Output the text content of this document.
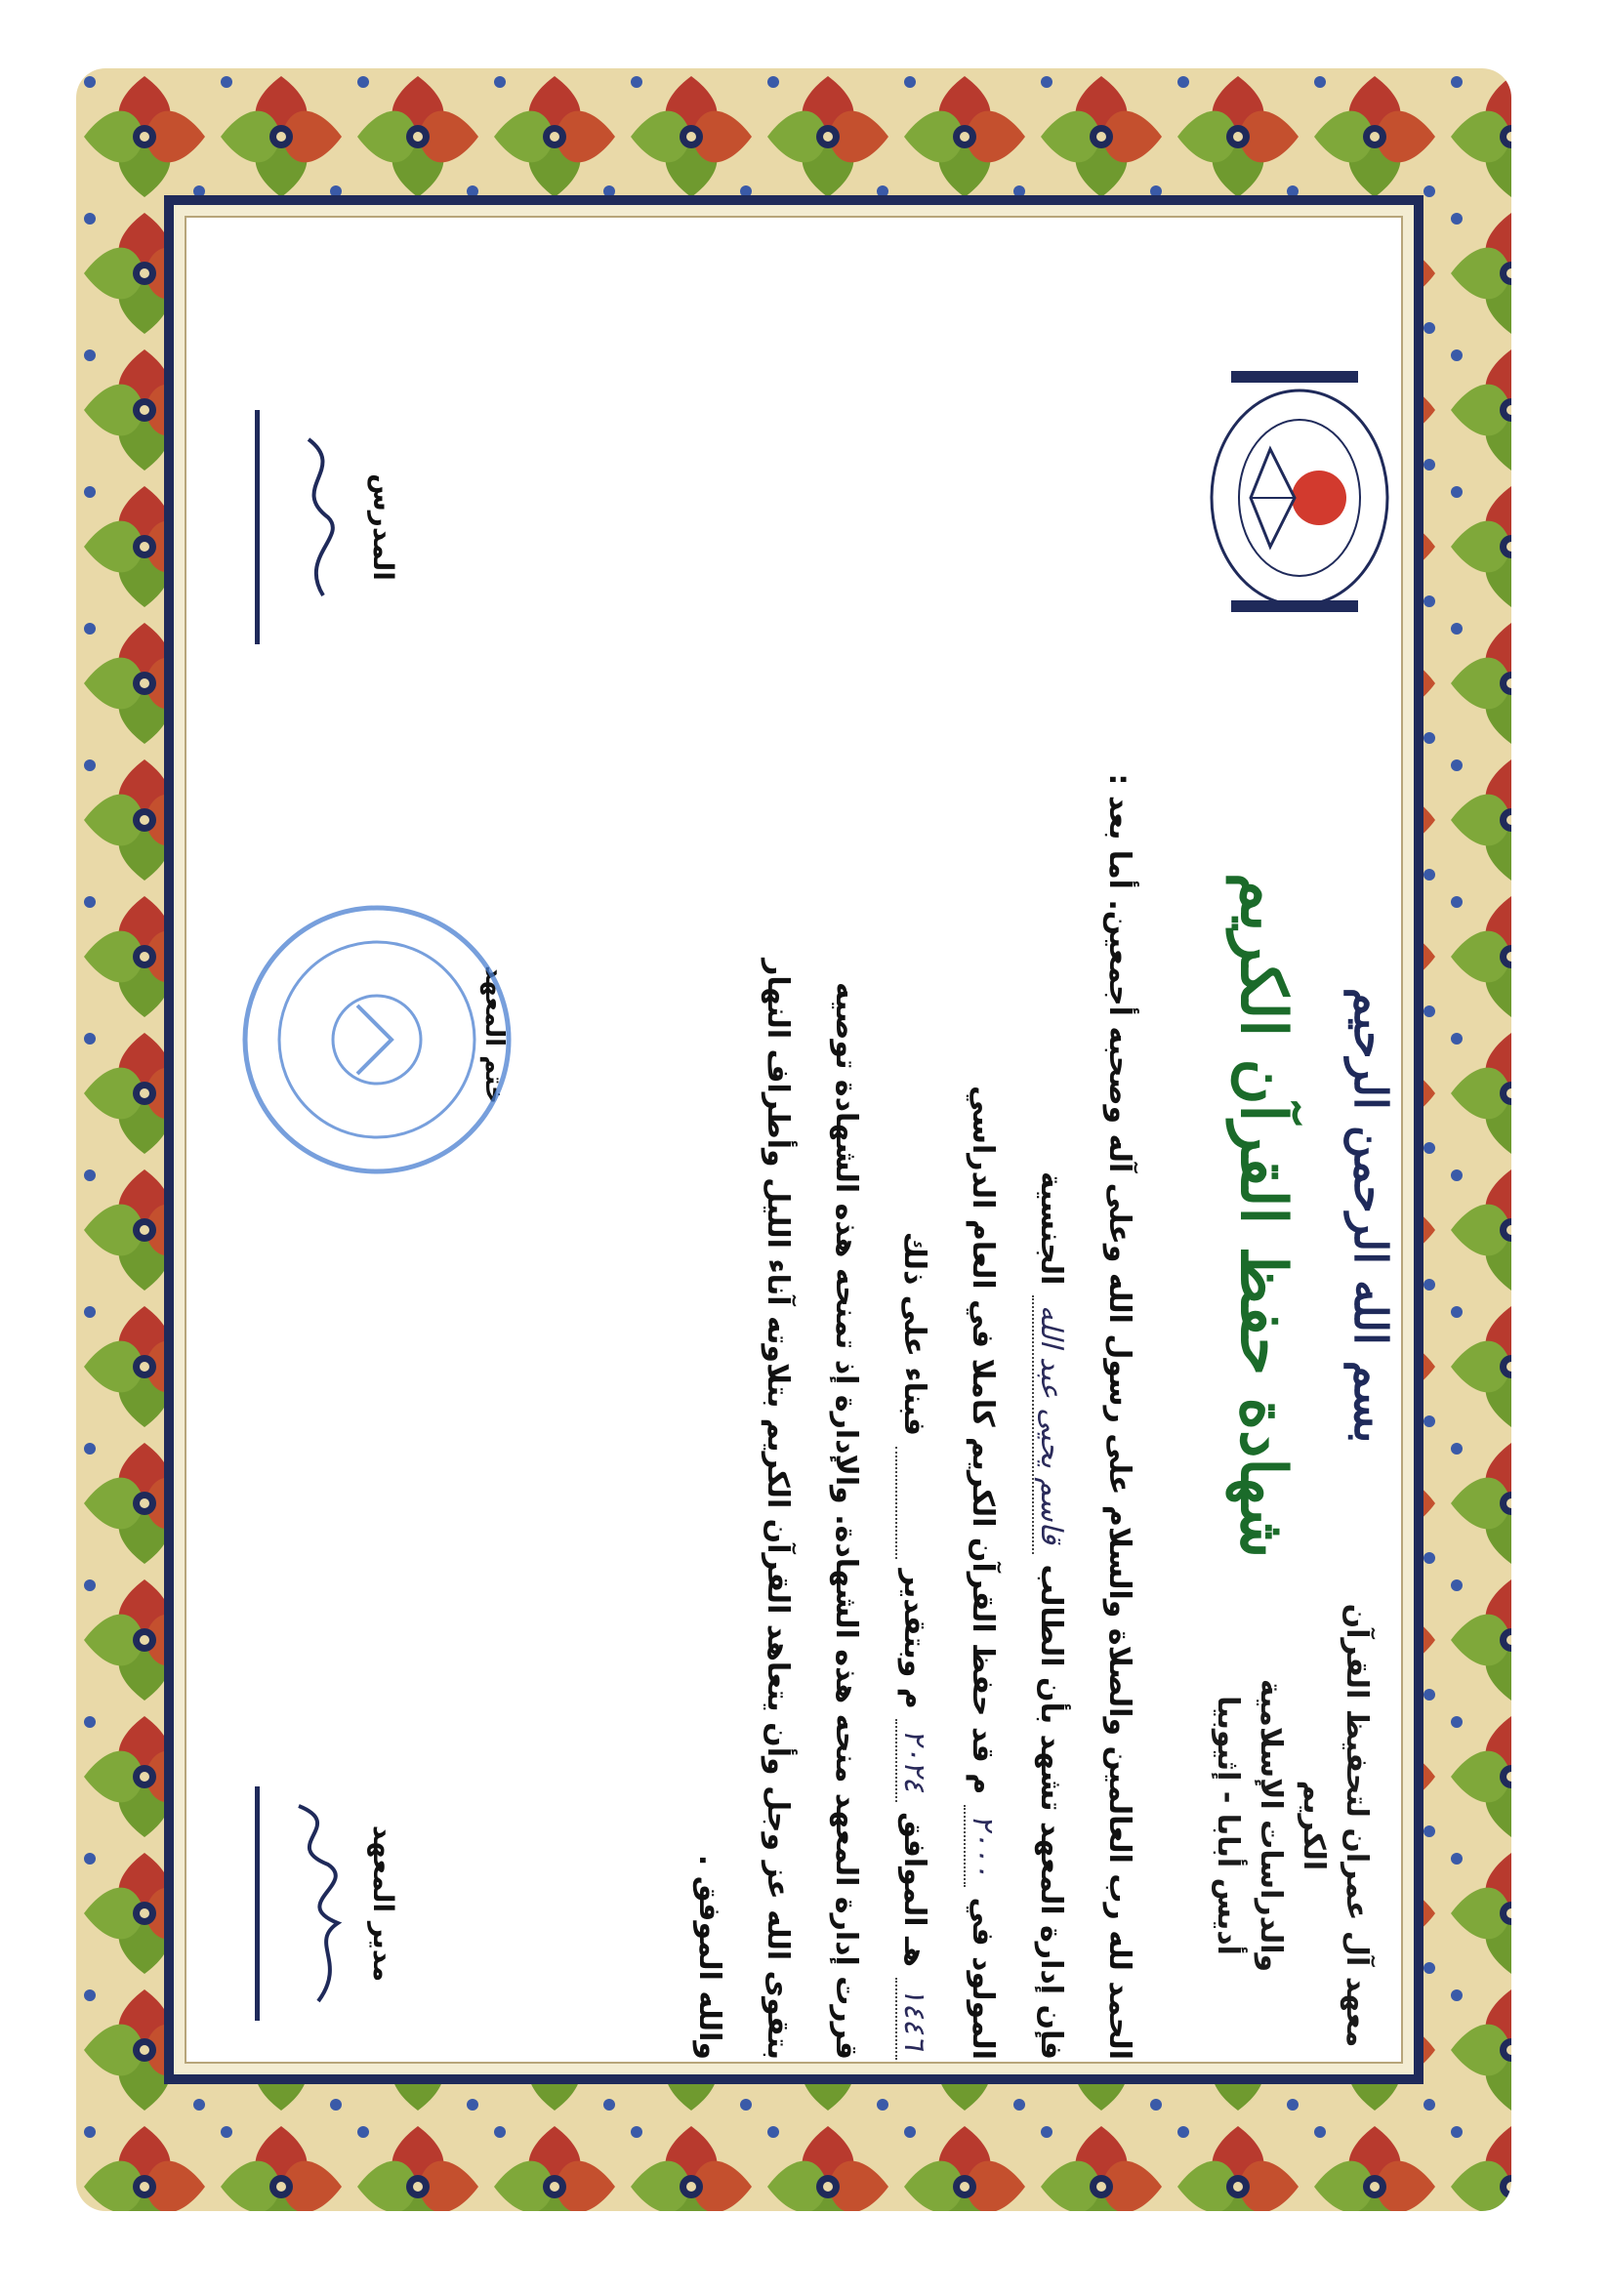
معهد آل عمران لتحفيظ القرآن الكريم
والدراسات الإسلامية
أديس أبابا - إثيوبيا
بسم الله الرحمن الرحيم
شهادة حفظ القرآن الكريم

الحمد لله رب العالمين والصلاة والسلام على رسول الله وعلى آله وصحبه أجمعين. أما بعد :

فإن إدارة المعهد تشهد بأن الطالب قاسم يحيى عبد الله الجنسية

المولود في ٢٠٠٠ م قد حفظ القرآن الكريم كاملا في العام الدراسي

١٤٤٦ هـ الموافق ٢٠٢٤ م وبتقدير            فبناء على ذلك

قررت إدارة المعهد منحه هذه الشهادة. والإدارة إذ تمنحه هذه الشهادة توصيه

بتقوى الله عز وجل وأن يتعاهد القرآن الكريم بتلاوته آناء الليل وأطراف النهار

والله الموفق .

مدير المعهد
ختم المعهد
المدرس
